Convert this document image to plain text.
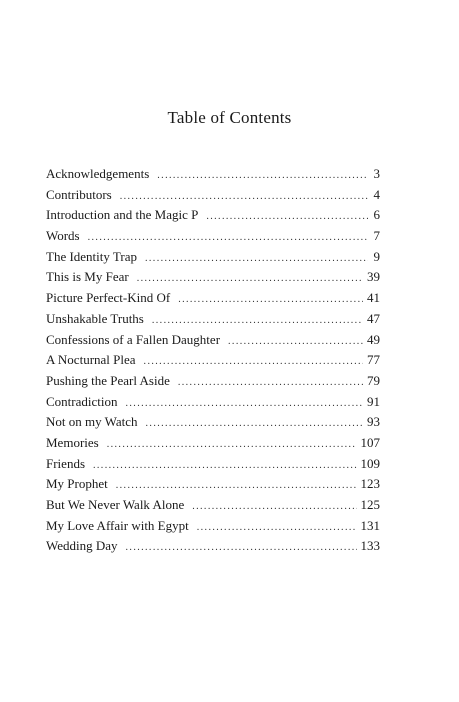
Table of Contents
Acknowledgements .....	3
Contributors .....	4
Introduction and the Magic P .....	6
Words .....	7
The Identity Trap .....	9
This is My Fear .....	39
Picture Perfect-Kind Of .....	41
Unshakable Truths .....	47
Confessions of a Fallen Daughter .....	49
A Nocturnal Plea .....	77
Pushing the Pearl Aside .....	79
Contradiction .....	91
Not on my Watch .....	93
Memories .....	107
Friends .....	109
My Prophet .....	123
But We Never Walk Alone .....	125
My Love Affair with Egypt .....	131
Wedding Day .....	133
